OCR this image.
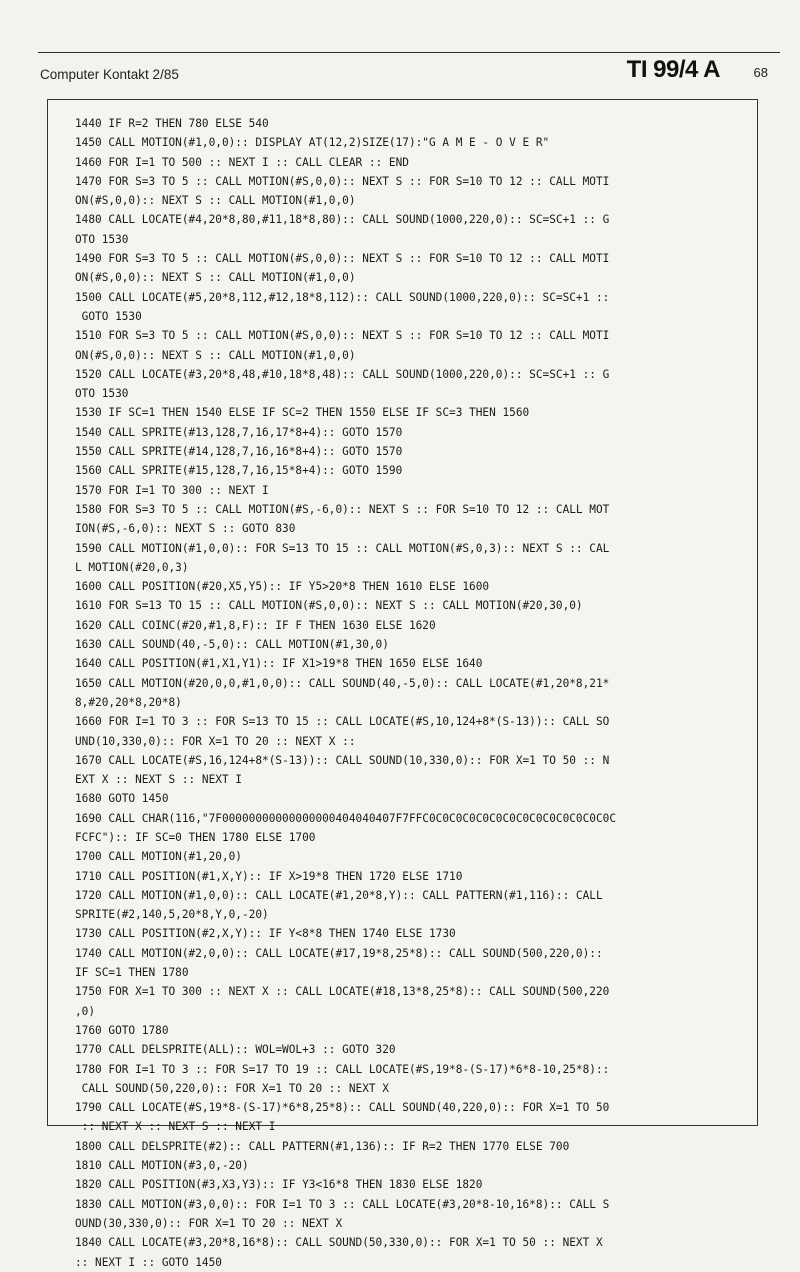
Computer Kontakt 2/85	TI 99/4 A	68
1440 IF R=2 THEN 780 ELSE 540
1450 CALL MOTION(#1,0,0):: DISPLAY AT(12,2)SIZE(17):"G A M E - O V E R"
1460 FOR I=1 TO 500 :: NEXT I :: CALL CLEAR :: END
1470 FOR S=3 TO 5 :: CALL MOTION(#S,0,0):: NEXT S :: FOR S=10 TO 12 :: CALL MOTI
ON(#S,0,0):: NEXT S :: CALL MOTION(#1,0,0)
1480 CALL LOCATE(#4,20*8,80,#11,18*8,80):: CALL SOUND(1000,220,0):: SC=SC+1 :: G
OTO 1530
1490 FOR S=3 TO 5 :: CALL MOTION(#S,0,0):: NEXT S :: FOR S=10 TO 12 :: CALL MOTI
ON(#S,0,0):: NEXT S :: CALL MOTION(#1,0,0)
1500 CALL LOCATE(#5,20*8,112,#12,18*8,112):: CALL SOUND(1000,220,0):: SC=SC+1 ::
GOTO 1530
1510 FOR S=3 TO 5 :: CALL MOTION(#S,0,0):: NEXT S :: FOR S=10 TO 12 :: CALL MOTI
ON(#S,0,0):: NEXT S :: CALL MOTION(#1,0,0)
1520 CALL LOCATE(#3,20*8,48,#10,18*8,48):: CALL SOUND(1000,220,0):: SC=SC+1 :: G
OTO 1530
1530 IF SC=1 THEN 1540 ELSE IF SC=2 THEN 1550 ELSE IF SC=3 THEN 1560
1540 CALL SPRITE(#13,128,7,16,17*8+4):: GOTO 1570
1550 CALL SPRITE(#14,128,7,16,16*8+4):: GOTO 1570
1560 CALL SPRITE(#15,128,7,16,15*8+4):: GOTO 1590
1570 FOR I=1 TO 300 :: NEXT I
1580 FOR S=3 TO 5 :: CALL MOTION(#S,-6,0):: NEXT S :: FOR S=10 TO 12 :: CALL MOT
ION(#S,-6,0):: NEXT S :: GOTO 830
1590 CALL MOTION(#1,0,0):: FOR S=13 TO 15 :: CALL MOTION(#S,0,3):: NEXT S :: CAL
L MOTION(#20,0,3)
1600 CALL POSITION(#20,X5,Y5):: IF Y5>20*8 THEN 1610 ELSE 1600
1610 FOR S=13 TO 15 :: CALL MOTION(#S,0,0):: NEXT S :: CALL MOTION(#20,30,0)
1620 CALL COINC(#20,#1,8,F):: IF F THEN 1630 ELSE 1620
1630 CALL SOUND(40,-5,0):: CALL MOTION(#1,30,0)
1640 CALL POSITION(#1,X1,Y1):: IF X1>19*8 THEN 1650 ELSE 1640
1650 CALL MOTION(#20,0,0,#1,0,0):: CALL SOUND(40,-5,0):: CALL LOCATE(#1,20*8,21*
8,#20,20*8,20*8)
1660 FOR I=1 TO 3 :: FOR S=13 TO 15 :: CALL LOCATE(#S,10,124+8*(S-13)):: CALL SO
UND(10,330,0):: FOR X=1 TO 20 :: NEXT X ::
1670 CALL LOCATE(#S,16,124+8*(S-13)):: CALL SOUND(10,330,0):: FOR X=1 TO 50 :: N
EXT X :: NEXT S :: NEXT I
1680 GOTO 1450
1690 CALL CHAR(116,"7F00000000000000000404040407F7FFC0C0C0C0C0C0C0C0C0C0C0C0C0C0C
FCFC"):: IF SC=0 THEN 1780 ELSE 1700
1700 CALL MOTION(#1,20,0)
1710 CALL POSITION(#1,X,Y):: IF X>19*8 THEN 1720 ELSE 1710
1720 CALL MOTION(#1,0,0):: CALL LOCATE(#1,20*8,Y):: CALL PATTERN(#1,116):: CALL
SPRITE(#2,140,5,20*8,Y,0,-20)
1730 CALL POSITION(#2,X,Y):: IF Y<8*8 THEN 1740 ELSE 1730
1740 CALL MOTION(#2,0,0):: CALL LOCATE(#17,19*8,25*8):: CALL SOUND(500,220,0)::
IF SC=1 THEN 1780
1750 FOR X=1 TO 300 :: NEXT X :: CALL LOCATE(#18,13*8,25*8):: CALL SOUND(500,220
,0)
1760 GOTO 1780
1770 CALL DELSPRITE(ALL):: WOL=WOL+3 :: GOTO 320
1780 FOR I=1 TO 3 :: FOR S=17 TO 19 :: CALL LOCATE(#S,19*8-(S-17)*6*8-10,25*8)::
CALL SOUND(50,220,0):: FOR X=1 TO 20 :: NEXT X
1790 CALL LOCATE(#S,19*8-(S-17)*6*8,25*8):: CALL SOUND(40,220,0):: FOR X=1 TO 50
:: NEXT X :: NEXT S :: NEXT I
1800 CALL DELSPRITE(#2):: CALL PATTERN(#1,136):: IF R=2 THEN 1770 ELSE 700
1810 CALL MOTION(#3,0,-20)
1820 CALL POSITION(#3,X3,Y3):: IF Y3<16*8 THEN 1830 ELSE 1820
1830 CALL MOTION(#3,0,0):: FOR I=1 TO 3 :: CALL LOCATE(#3,20*8-10,16*8):: CALL S
OUND(30,330,0):: FOR X=1 TO 20 :: NEXT X
1840 CALL LOCATE(#3,20*8,16*8):: CALL SOUND(50,330,0):: FOR X=1 TO 50 :: NEXT X
:: NEXT I :: GOTO 1450
